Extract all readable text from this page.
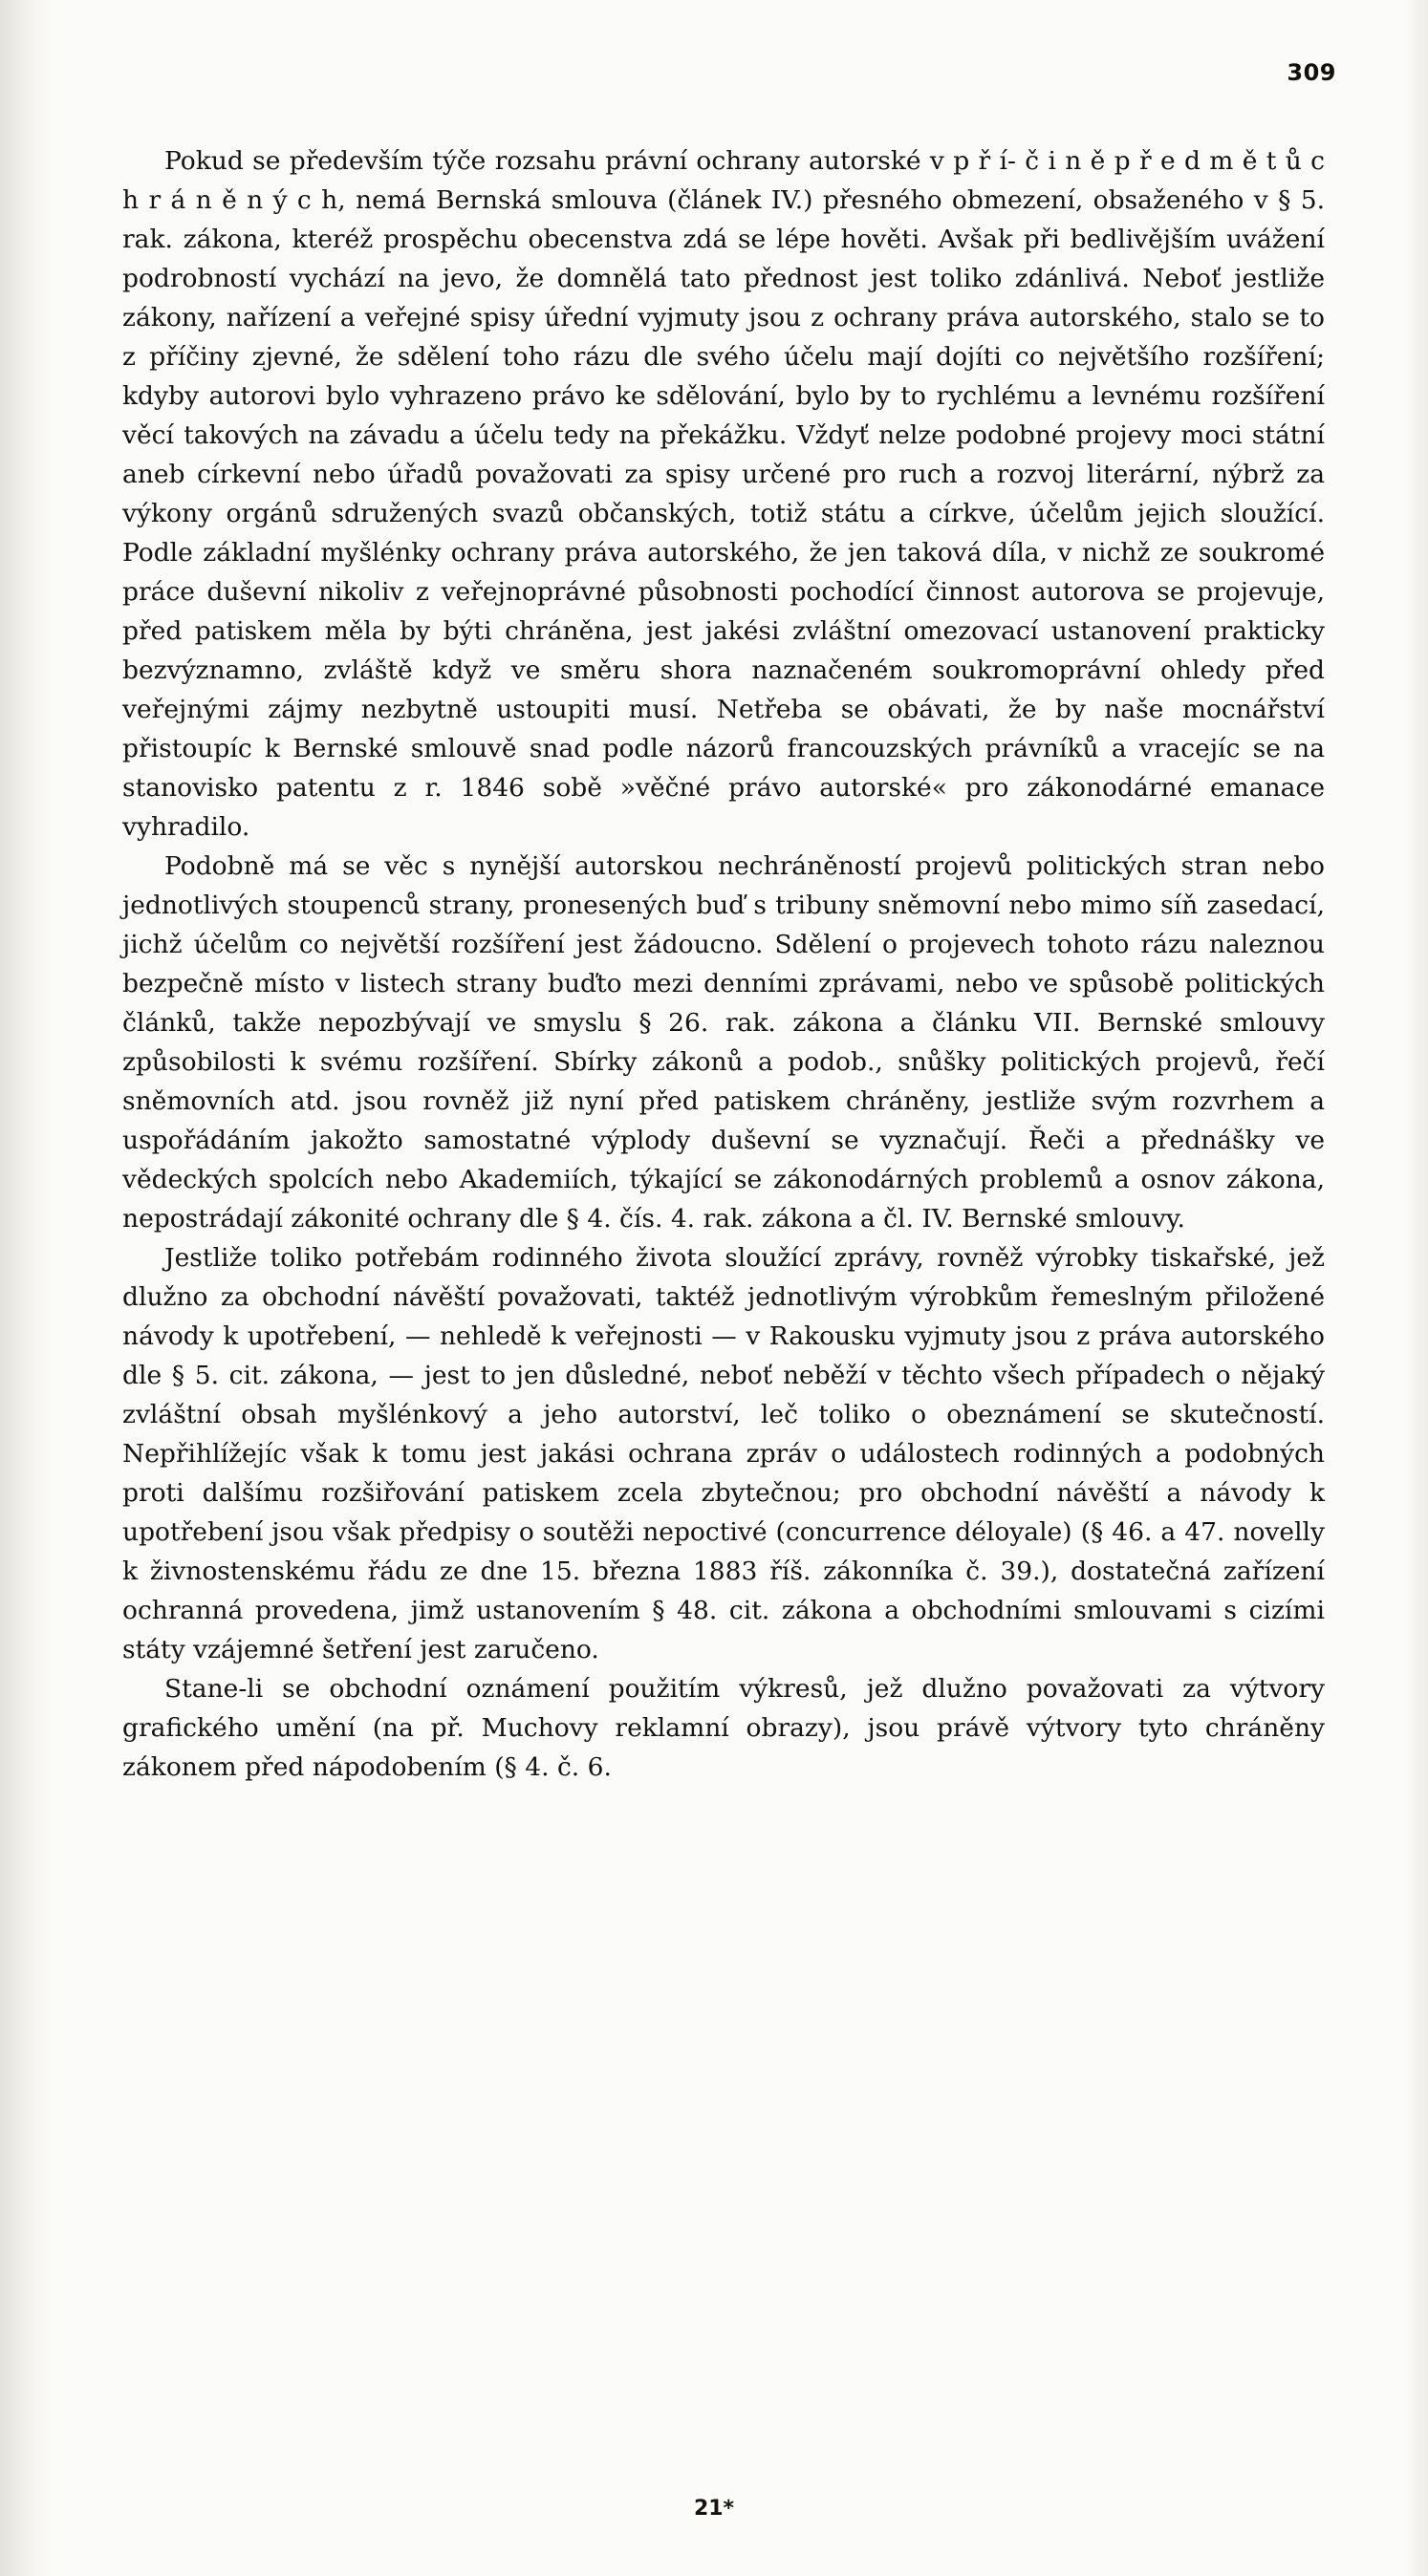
309

Pokud se především týče rozsahu právní ochrany autorské v p ř í- č i n ě p ř e d m ě t ů c h r á n ě n ý c h, nemá Bernská smlouva (článek IV.) přesného obmezení, obsaženého v § 5. rak. zákona, kteréž prospěchu obecenstva zdá se lépe hověti. Avšak při bedlivějším uvážení podrobností vychází na jevo, že domnělá tato přednost jest toliko zdánlivá. Neboť jestliže zákony, nařízení a veřejné spisy úřední vyjmuty jsou z ochrany práva autorského, stalo se to z příčiny zjevné, že sdělení toho rázu dle svého účelu mají dojíti co největšího rozšíření; kdyby autorovi bylo vyhrazeno právo ke sdělování, bylo by to rychlému a levnému rozšíření věcí takových na závadu a účelu tedy na překážku. Vždyť nelze podobné projevy moci státní aneb církevní nebo úřadů považovati za spisy určené pro ruch a rozvoj literární, nýbrž za výkony orgánů sdružených svazů občanských, totiž státu a církve, účelům jejich sloužící. Podle základní myšlénky ochrany práva autorského, že jen taková díla, v nichž ze soukromé práce duševní nikoliv z veřejnoprávné působnosti pochodící činnost autorova se projevuje, před patiskem měla by býti chráněna, jest jakési zvláštní omezovací ustanovení prakticky bezvýznamno, zvláště když ve směru shora naznačeném soukromoprávní ohledy před veřejnými zájmy nezbytně ustoupiti musí. Netřeba se obávati, že by naše mocnářství přistoupíc k Bernské smlouvě snad podle názorů francouzských právníků a vracejíc se na stanovisko patentu z r. 1846 sobě »věčné právo autorské« pro zákonodárné emanace vyhradilo.

Podobně má se věc s nynější autorskou nechráněností projevů politických stran nebo jednotlivých stoupenců strany, pronesených buď s tribuny sněmovní nebo mimo síň zasedací, jichž účelům co největší rozšíření jest žádoucno. Sdělení o projevech tohoto rázu naleznou bezpečně místo v listech strany buďto mezi denními zprávami, nebo ve spůsobě politických článků, takže nepozbývají ve smyslu § 26. rak. zákona a článku VII. Bernské smlouvy způsobilosti k svému rozšíření. Sbírky zákonů a podob., snůšky politických projevů, řečí sněmovních atd. jsou rovněž již nyní před patiskem chráněny, jestliže svým rozvrhem a uspořádáním jakožto samostatné výplody duševní se vyznačují. Řeči a přednášky ve vědeckých spolcích nebo Akademiích, týkající se zákonodárných problemů a osnov zákona, nepostrádají zákonité ochrany dle § 4. čís. 4. rak. zákona a čl. IV. Bernské smlouvy.

Jestliže toliko potřebám rodinného života sloužící zprávy, rovněž výrobky tiskařské, jež dlužno za obchodní návěští považovati, taktéž jednotlivým výrobkům řemeslným přiložené návody k upotřebení, — nehledě k veřejnosti — v Rakousku vyjmuty jsou z práva autorského dle § 5. cit. zákona, — jest to jen důsledné, neboť neběží v těchto všech případech o nějaký zvláštní obsah myšlénkový a jeho autorství, leč toliko o obeznámení se skutečností. Nepřihlížejíc však k tomu jest jakási ochrana zpráv o událostech rodinných a podobných proti dalšímu rozšiřování patiskem zcela zbytečnou; pro obchodní návěští a návody k upotřebení jsou však předpisy o soutěži nepoctivé (concurrence déloyale) (§ 46. a 47. novelly k živnostenskému řádu ze dne 15. března 1883 říš. zákonníka č. 39.), dostatečná zařízení ochranná provedena, jimž ustanovením § 48. cit. zákona a obchodními smlouvami s cizími státy vzájemné šetření jest zaručeno.

Stane-li se obchodní oznámení použitím výkresů, jež dlužno považovati za výtvory grafického umění (na př. Muchovy reklamní obrazy), jsou právě výtvory tyto chráněny zákonem před nápodobením (§ 4. č. 6.

21*
